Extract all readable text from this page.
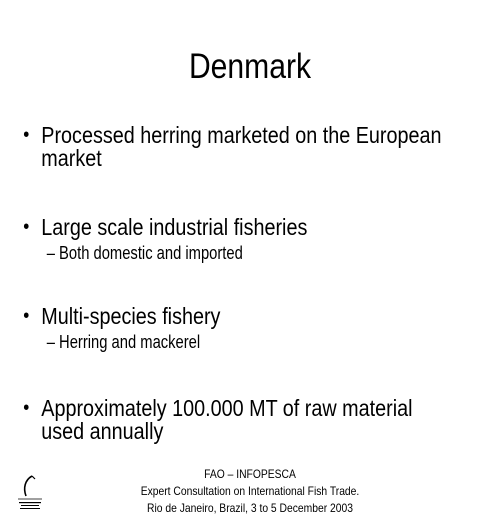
Denmark
• Processed herring marketed on the European market
• Large scale industrial fisheries
– Both domestic and imported
• Multi-species fishery
– Herring and mackerel
• Approximately 100.000 MT of raw material used annually
FAO – INFOPESCA
Expert Consultation on International Fish Trade.
Rio de Janeiro, Brazil, 3 to 5 December 2003
